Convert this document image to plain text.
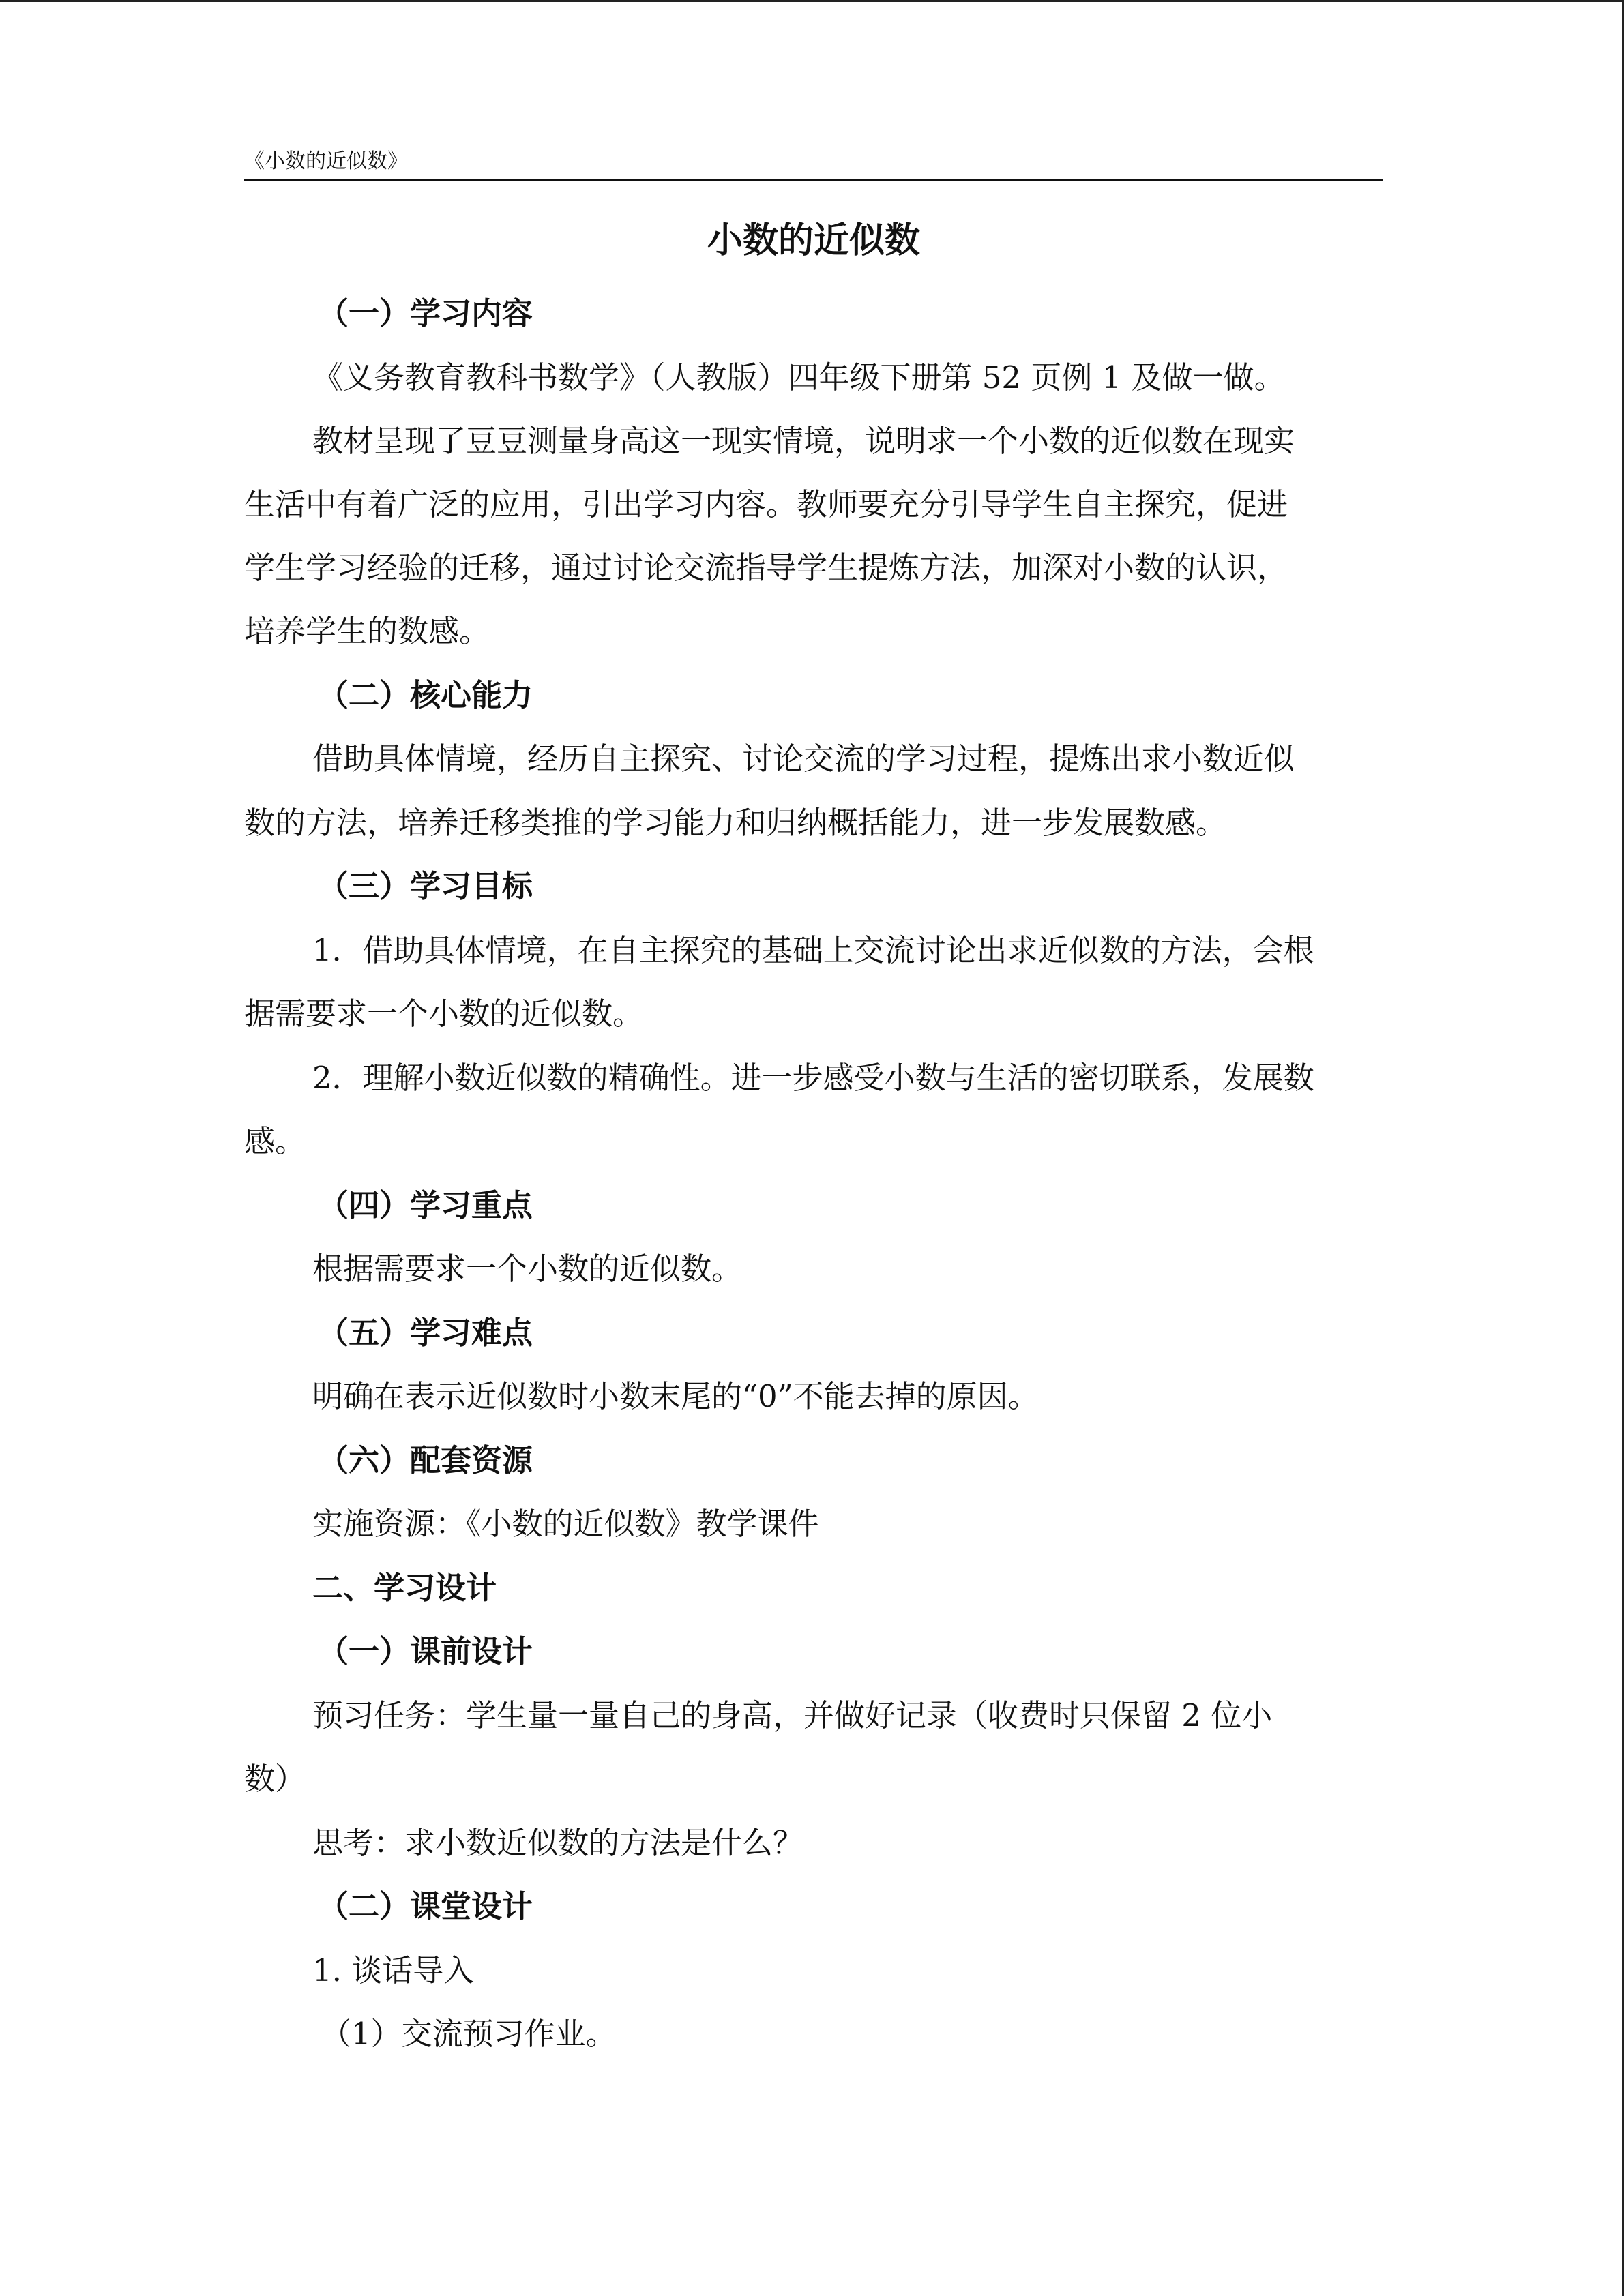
《小数的近似数》
小数的近似数
（一）学习内容
《义务教育教科书数学》（人教版）四年级下册第 52 页例 1 及做一做。
教材呈现了豆豆测量身高这一现实情境，说明求一个小数的近似数在现实
生活中有着广泛的应用，引出学习内容。教师要充分引导学生自主探究，促进
学生学习经验的迁移，通过讨论交流指导学生提炼方法，加深对小数的认识，
培养学生的数感。
（二）核心能力
借助具体情境，经历自主探究、讨论交流的学习过程，提炼出求小数近似
数的方法，培养迁移类推的学习能力和归纳概括能力，进一步发展数感。
（三）学习目标
1．借助具体情境，在自主探究的基础上交流讨论出求近似数的方法，会根
据需要求一个小数的近似数。
2．理解小数近似数的精确性。进一步感受小数与生活的密切联系，发展数
感。
（四）学习重点
根据需要求一个小数的近似数。
（五）学习难点
明确在表示近似数时小数末尾的“0”不能去掉的原因。
（六）配套资源
实施资源：《小数的近似数》教学课件
二、学习设计
（一）课前设计
预习任务：学生量一量自己的身高，并做好记录（收费时只保留 2 位小
数）
思考：求小数近似数的方法是什么？
（二）课堂设计
1. 谈话导入
（1）交流预习作业。
